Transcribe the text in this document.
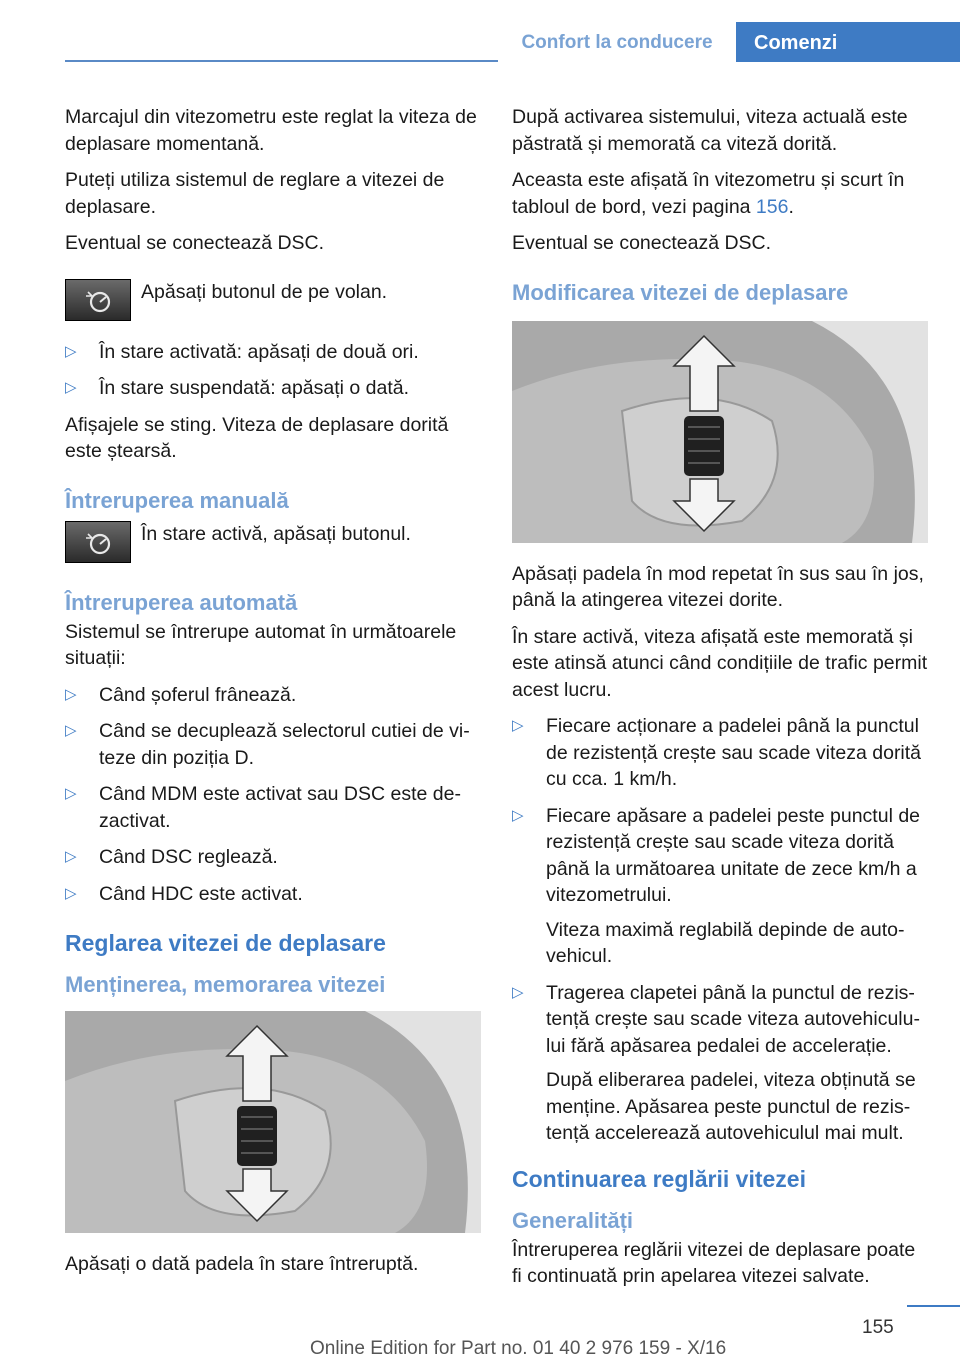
Confort la conducere	Comenzi

Marcajul din vitezometru este reglat la viteza de deplasare momentană.

Puteți utiliza sistemul de reglare a vitezei de deplasare.

Eventual se conectează DSC.

Apăsați butonul de pe volan.

▷ În stare activată: apăsați de două ori.
▷ În stare suspendată: apăsați o dată.

Afișajele se sting. Viteza de deplasare dorită este ștearsă.

Întreruperea manuală

În stare activă, apăsați butonul.

Întreruperea automată

Sistemul se întrerupe automat în următoarele situații:

▷ Când șoferul frânează.
▷ Când se decuplează selectorul cutiei de viteze din poziția D.
▷ Când MDM este activat sau DSC este dezactivat.
▷ Când DSC reglează.
▷ Când HDC este activat.
Reglarea vitezei de deplasare
Menținerea, memorarea vitezei

Apăsați o dată padela în stare întreruptă.

După activarea sistemului, viteza actuală este păstrată și memorată ca viteză dorită.

Aceasta este afișată în vitezometru și scurt în tabloul de bord, vezi pagina 156.

Eventual se conectează DSC.

Modificarea vitezei de deplasare

Apăsați padela în mod repetat în sus sau în jos, până la atingerea vitezei dorite.

În stare activă, viteza afișată este memorată și este atinsă atunci când condițiile de trafic permit acest lucru.

▷ Fiecare acționare a padelei până la punctul de rezistență crește sau scade viteza dorită cu cca. 1 km/h.
▷ Fiecare apăsare a padelei peste punctul de rezistență crește sau scade viteza dorită până la următoarea unitate de zece km/h a vitezometrului.

Viteza maximă reglabilă depinde de autovehicul.

▷ Tragerea clapetei până la punctul de rezistență crește sau scade viteza autovehiculului fără apăsarea pedalei de accelerație.

După eliberarea padelei, viteza obținută se menține. Apăsarea peste punctul de rezistență accelerează autovehiculul mai mult.

Continuarea reglării vitezei
Generalități

Întreruperea reglării vitezei de deplasare poate fi continuată prin apelarea vitezei salvate.

155
Online Edition for Part no. 01 40 2 976 159 - X/16
